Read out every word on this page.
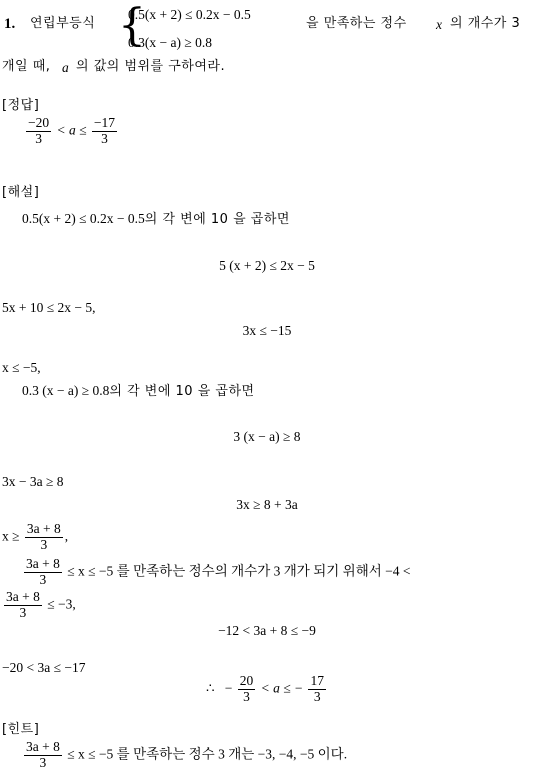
1. 연립부등식 {
0.5(x + 2) ≤ 0.2x − 0.5
0.3(x − a) ≥ 0.8
을 만족하는 정수 x 의 개수가 3
개일 때, a 의 값의 범위를 구하여라.
[정답]
$\frac{-20}{3} < a \le \frac{-17}{3}$
[해설]
0.5(x + 2) ≤ 0.2x − 0.5의 각 변에 10 을 곱하면
5 (x + 2) ≤ 2x − 5
5x + 10 ≤ 2x − 5,
3x ≤ −15
x ≤ −5,
0.3 (x − a) ≥ 0.8의 각 변에 10 을 곱하면
3 (x − a) ≥ 8
3x − 3a ≥ 8
3x ≥ 8 + 3a
$x \ge \frac{3a + 8}{3}$ ,
$\frac{3a + 8}{3} \le x \le -5$ 를 만족하는 정수의 개수가 3 개가 되기 위해서 −4 <
$\frac{3a + 8}{3} \le -3$,
−12 < 3a + 8 ≤ −9
−20 < 3a ≤ −17
∴ − $\frac{20}{3} < a$ ≤ − $\frac{17}{3}$
[힌트]
$\frac{3a + 8}{3} \le x \le -5$ 를 만족하는 정수 3 개는 −3, −4, −5 이다.
